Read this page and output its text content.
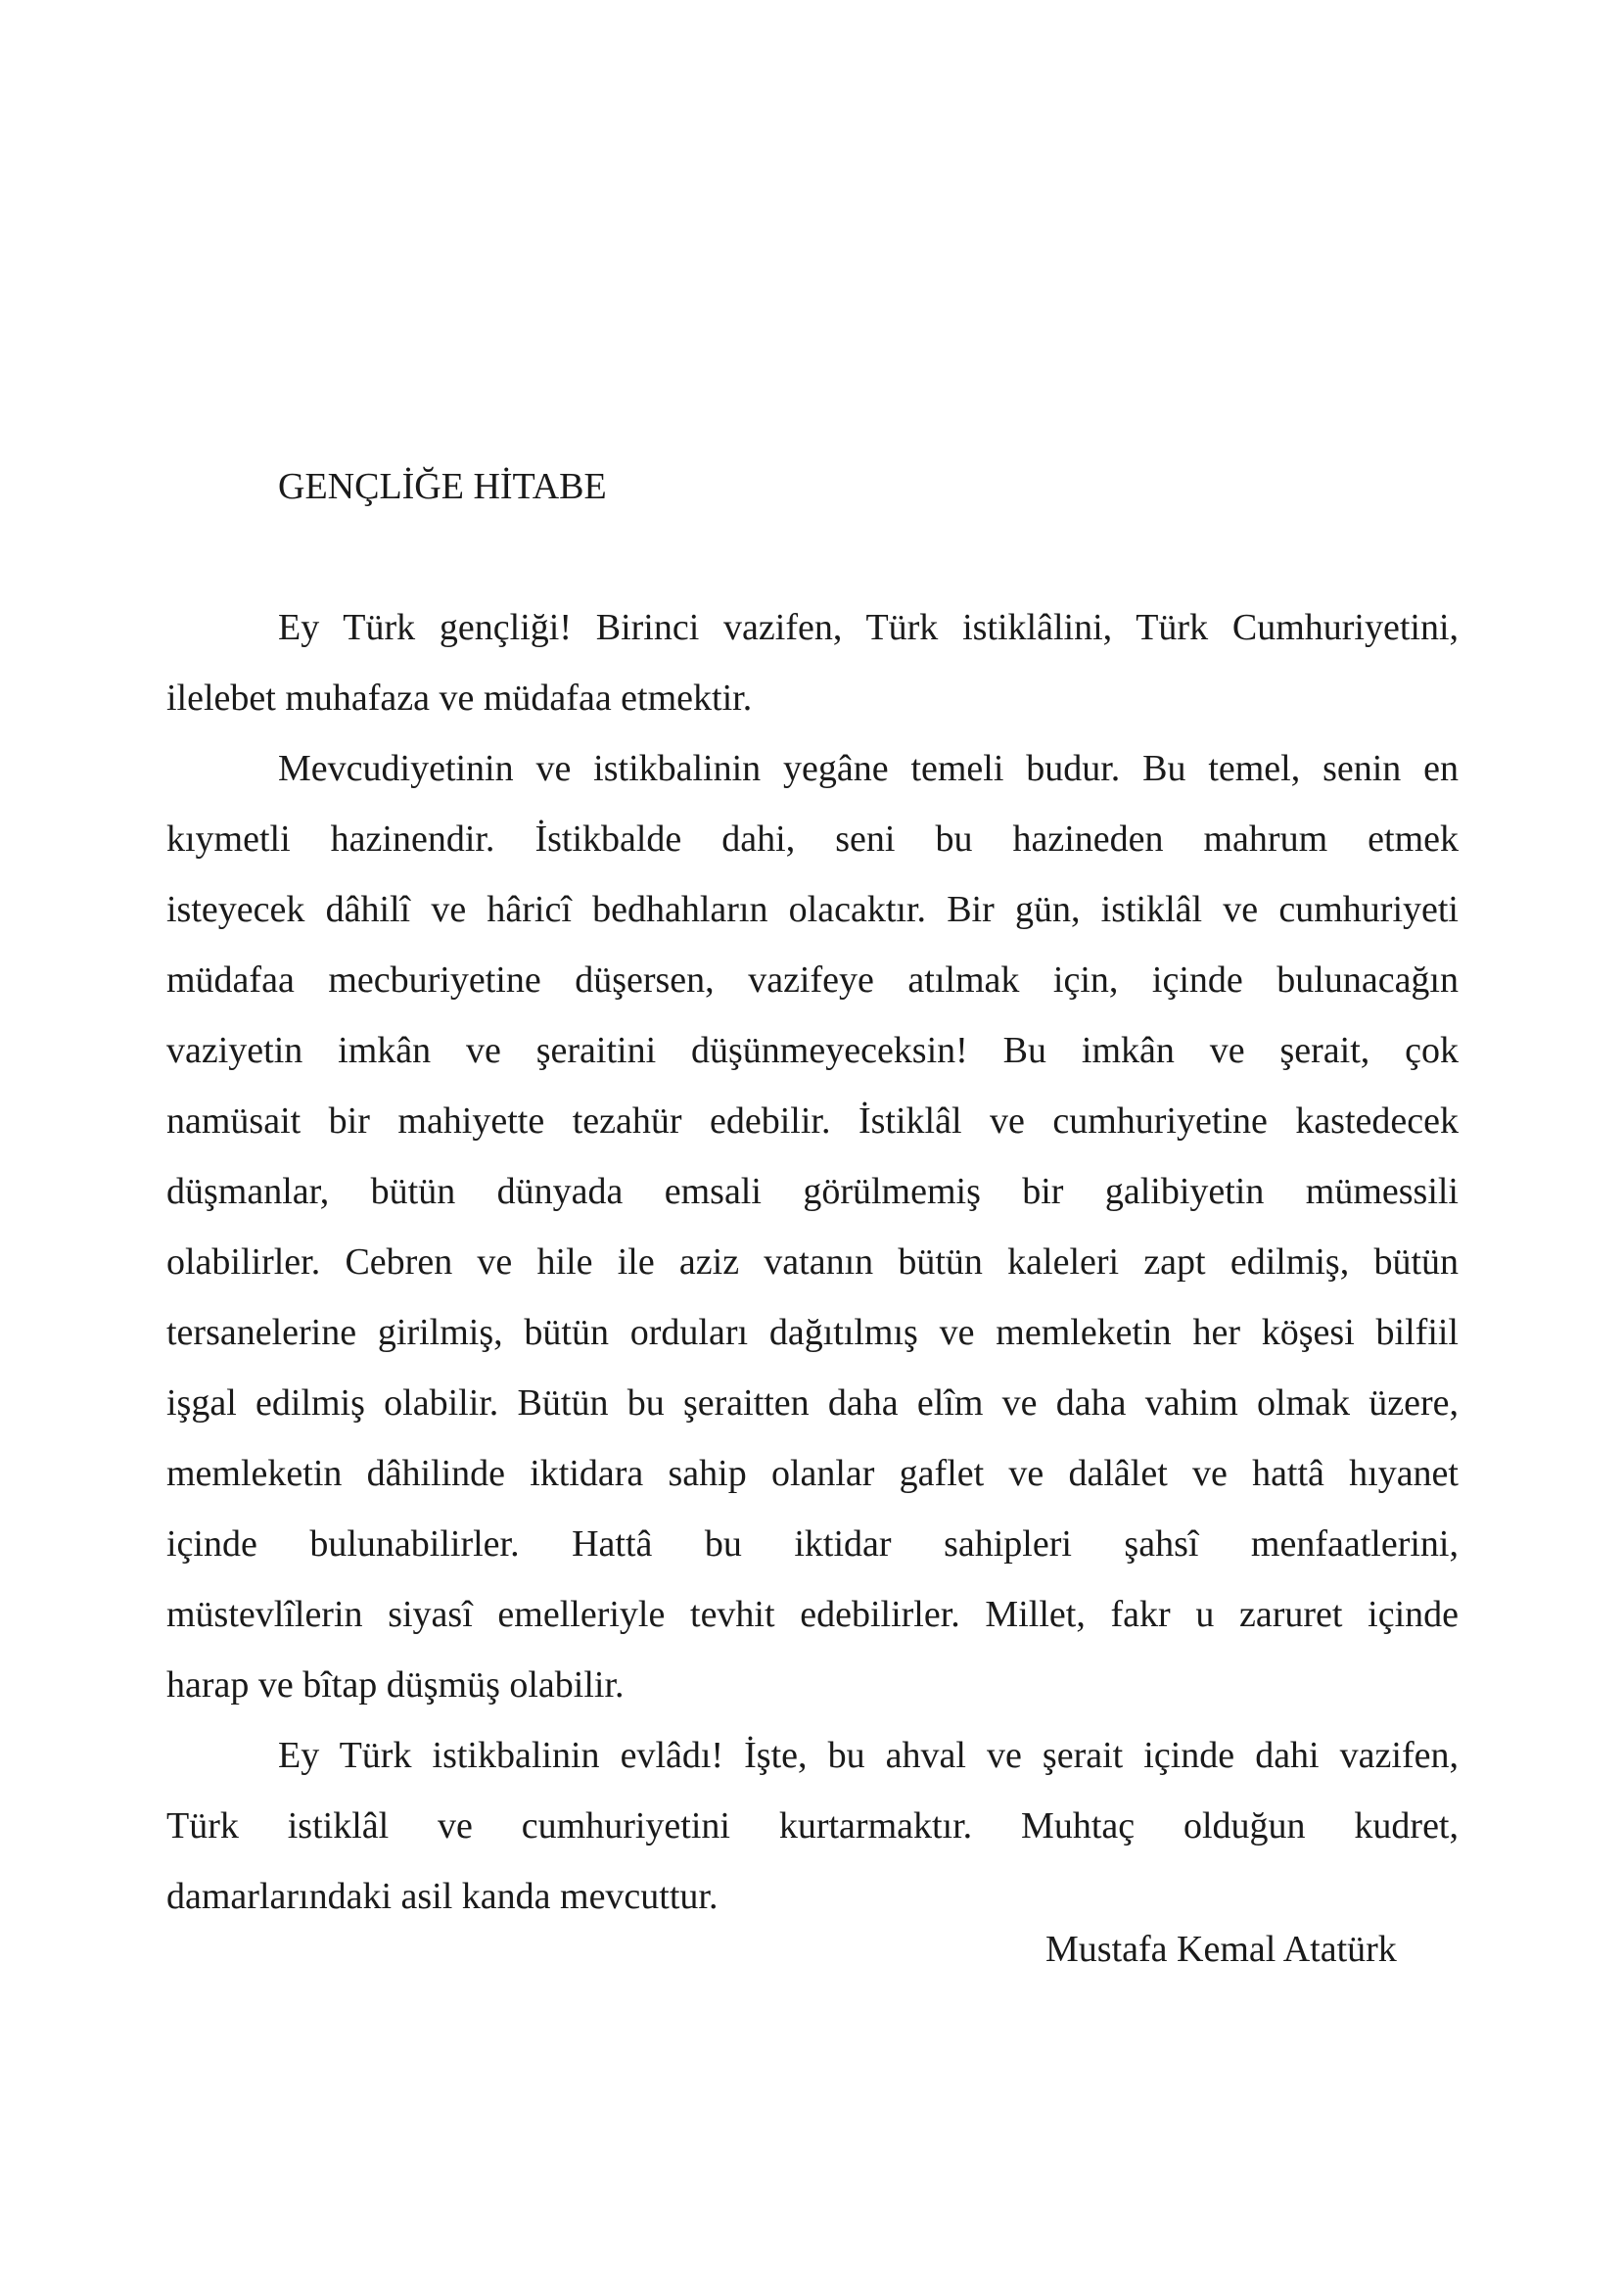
GENÇLİĞE HİTABE
Ey Türk gençliği! Birinci vazifen, Türk istiklâlini, Türk Cumhuriyetini,
ilelebet muhafaza ve müdafaa etmektir.
Mevcudiyetinin ve istikbalinin yegâne temeli budur. Bu temel, senin en
kıymetli hazinendir. İstikbalde dahi, seni bu hazineden mahrum etmek
isteyecek dâhilî ve hâricî bedhahların olacaktır. Bir gün, istiklâl ve cumhuriyeti
müdafaa mecburiyetine düşersen, vazifeye atılmak için, içinde bulunacağın
vaziyetin imkân ve şeraitini düşünmeyeceksin! Bu imkân ve şerait, çok
namüsait bir mahiyette tezahür edebilir. İstiklâl ve cumhuriyetine kastedecek
düşmanlar, bütün dünyada emsali görülmemiş bir galibiyetin mümessili
olabilirler. Cebren ve hile ile aziz vatanın bütün kaleleri zapt edilmiş, bütün
tersanelerine girilmiş, bütün orduları dağıtılmış ve memleketin her köşesi bilfiil
işgal edilmiş olabilir. Bütün bu şeraitten daha elîm ve daha vahim olmak üzere,
memleketin dâhilinde iktidara sahip olanlar gaflet ve dalâlet ve hattâ hıyanet
içinde bulunabilirler. Hattâ bu iktidar sahipleri şahsî menfaatlerini,
müstevlîlerin siyasî emelleriyle tevhit edebilirler. Millet, fakr u zaruret içinde
harap ve bîtap düşmüş olabilir.
Ey Türk istikbalinin evlâdı! İşte, bu ahval ve şerait içinde dahi vazifen,
Türk istiklâl ve cumhuriyetini kurtarmaktır. Muhtaç olduğun kudret,
damarlarındaki asil kanda mevcuttur.
Mustafa Kemal Atatürk
